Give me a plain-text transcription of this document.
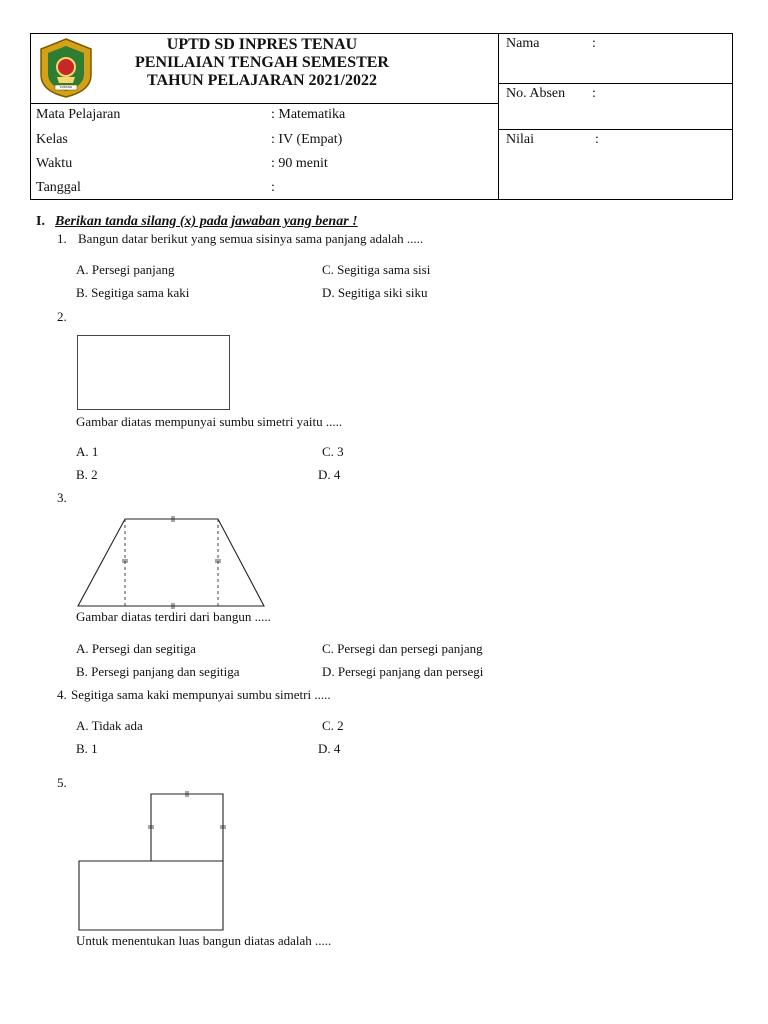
KUPANG
UPTD SD INPRES TENAU
PENILAIAN TENGAH SEMESTER
TAHUN PELAJARAN 2021/2022
Mata Pelajaran	: Matematika
Kelas	: IV (Empat)
Waktu	: 90 menit
Tanggal	:
Nama	:
No. Absen :
Nilai	:
I. Berikan tanda silang (x) pada jawaban yang benar !
1. Bangun datar berikut yang semua sisinya sama panjang adalah .....
A. Persegi panjang	C. Segitiga sama sisi
B. Segitiga sama kaki	D. Segitiga siki siku
2.
Gambar diatas mempunyai sumbu simetri yaitu .....
A. 1	C. 3
B. 2	D. 4
3.
Gambar diatas terdiri dari bangun .....
A. Persegi dan segitiga	C. Persegi dan persegi panjang
B. Persegi panjang dan segitiga	D. Persegi panjang dan persegi
4. Segitiga sama kaki mempunyai sumbu simetri .....
A. Tidak ada	C. 2
B. 1	D. 4
5.
Untuk menentukan luas bangun diatas adalah .....
